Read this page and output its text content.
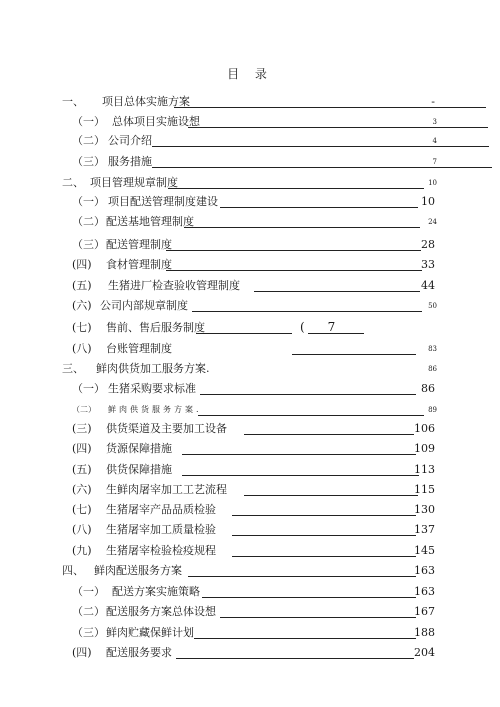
目 录
一、 项目总体实施方案	-
（一） 总体项目实施设想	3
（二） 公司介绍	4
（三） 服务措施	7
二、 项目管理规章制度	10
（一） 项目配送管理制度建设	10
（二） 配送基地管理制度	24
（三） 配送管理制度	28
(四) 食材管理制度	33
(五) 生猪进厂检查验收管理制度	44
(六) 公司内部规章制度	50
(七) 售前、售后服务制度	(      7
(八) 台账管理制度	83
三、 鲜肉供货加工服务方案.	86
（一） 生猪采购要求标准	86
（二） 鲜肉供货服务方案.	89
(三) 供货渠道及主要加工设备	106
(四) 货源保障措施	109
(五) 供货保障措施	113
(六) 生鲜肉屠宰加工工艺流程	115
(七) 生猪屠宰产品品质检验	130
(八) 生猪屠宰加工质量检验	137
(九) 生猪屠宰检验检疫规程	145
四、 鲜肉配送服务方案	163
（一） 配送方案实施策略	163
（二） 配送服务方案总体设想	167
（三） 鲜肉贮藏保鲜计划	188
(四) 配送服务要求	204
